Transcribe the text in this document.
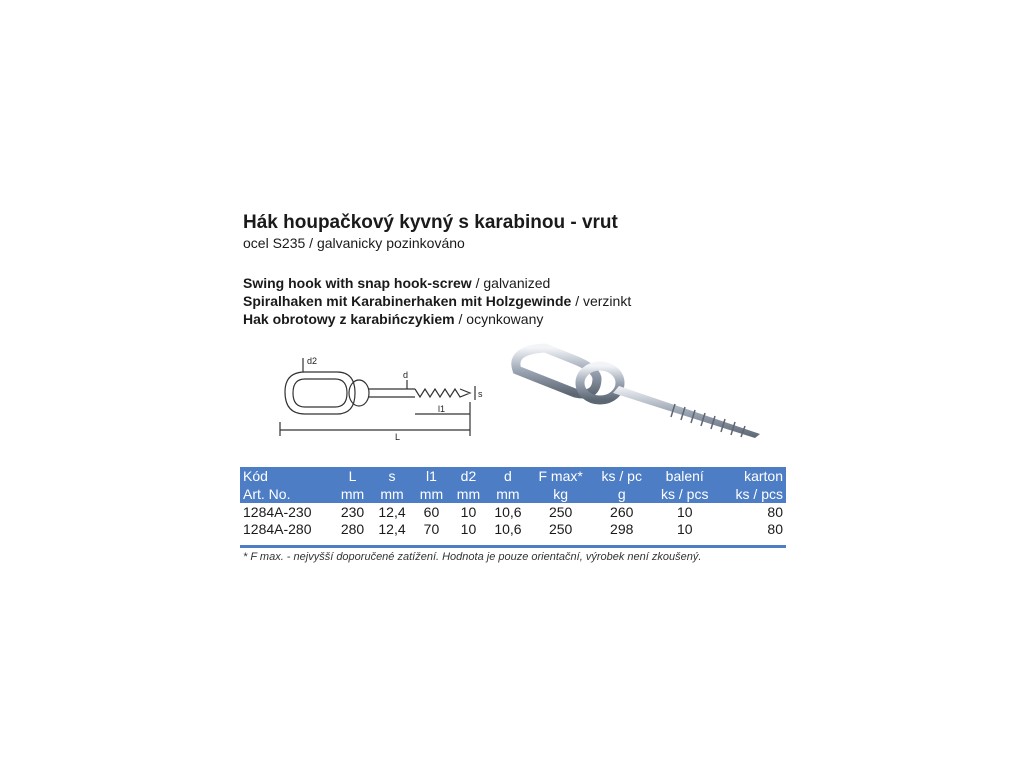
Hák houpačkový kyvný s karabinou - vrut
ocel S235 / galvanicky pozinkováno
Swing hook with snap hook-screw / galvanized
Spiralhaken mit Karabinerhaken mit Holzgewinde / verzinkt
Hak obrotowy z karabińczykiem / ocynkowany
d2
d
s
l1
L
Kód	L	s	l1	d2	d	F max*	ks / pc	balení	karton
Art. No.	mm	mm	mm	mm	mm	kg	g	ks / pcs	ks / pcs
1284A-230	230	12,4	60	10	10,6	250	260	10	80
1284A-280	280	12,4	70	10	10,6	250	298	10	80
* F max. - nejvyšší doporučené zatížení. Hodnota je pouze orientační, výrobek není zkoušený.
